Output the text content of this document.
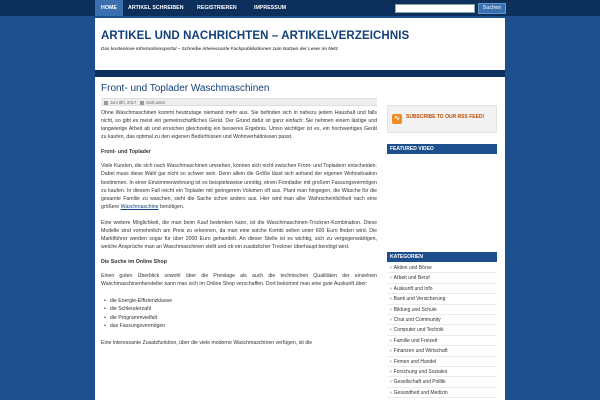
HOME	ARTIKEL SCHREIBEN	REGISTRIEREN	IMPRESSUM	Suchen
ARTIKEL UND NACHRICHTEN – ARTIKELVERZEICHNIS
Das kostenlose Informationsportal – Schreibe interessante Fachpublikationen zum Nutzen der Leser im Netz
Front- und Toplader Waschmaschinen
Juni 8th, 2017 zsolt.antal

Ohne Waschmaschinen kommt heutzutage niemand mehr aus. Sie befinden sich in nahezu jedem Haushalt und falls nicht, so gibt es meist ein gemeinschaftliches Gerät. Der Grund dafür ist ganz einfach: Sie nehmen einem lästige und langwierige Arbeit ab und erreichen gleichzeitig ein besseres Ergebnis. Umso wichtiger ist es, ein hochwertiges Gerät zu kaufen, das optimal zu den eigenen Bedürfnissen und Wohnverhältnissen passt.

Front- und Toplader

Viele Kunden, die sich nach Waschmaschinen umsehen, können sich nicht zwischen Front- und Topladern entscheiden. Dabei muss diese Wahl gar nicht so schwer sein. Denn allein die Größe lässt sich anhand der eigenen Wohnsituation bestimmen. In einer Einzimmerwohnung ist es beispielsweise unnötig, einen Frontlader mit großem Fassungsvermögen zu kaufen. In diesem Fall reicht ein Toplader mit geringerem Volumen oft aus. Plant man hingegen, die Wäsche für die gesamte Familie zu waschen, sieht die Sache schon anders aus. Hier wird man aller Wahrscheinlichkeit nach eine größere Waschmaschine benötigen.

Eine weitere Möglichkeit, die man beim Kauf bedenken kann, ist die Waschmaschinen-Trockner-Kombination. Diese Modelle sind vornehmlich am Preis zu erkennen, da man eine solche Kombi selten unter 600 Euro finden wird. Die Marktführer werden sogar für über 2000 Euro gehandelt. An dieser Stelle ist es wichtig, sich zu vergegenwärtigen, welche Ansprüche man an Waschmaschinen stellt und ob ein zusätzlicher Trockner überhaupt benötigt wird.

Die Suche im Online Shop

Einen guten Überblick sowohl über die Preislage als auch die technischen Qualitäten der einzelnen Waschmaschinenhersteller kann man sich im Online Shop verschaffen. Dort bekommt man eine gute Auskunft über:

• die Energie-Effizienzklasse
• die Schleuderzahl
• die Programmvielfalt
• das Fassungsvermögen

Eine interessante Zusatzfunktion, über die viele moderne Waschmaschinen verfügen, ist die

∿	SUBSCRIBE TO OUR RSS FEED!
FEATURED VIDEO
KATEGORIEN
› Aktien und Börse
› Arbeit und Beruf
› Auskunft und Info
› Bank und Versicherung
› Bildung und Schule
› Chat und Community
› Computer und Technik
› Familie und Freizeit
› Finanzen und Wirtschaft
› Firmen und Handel
› Forschung und Soziales
› Gesellschaft und Politik
› Gesundheit und Medizin
